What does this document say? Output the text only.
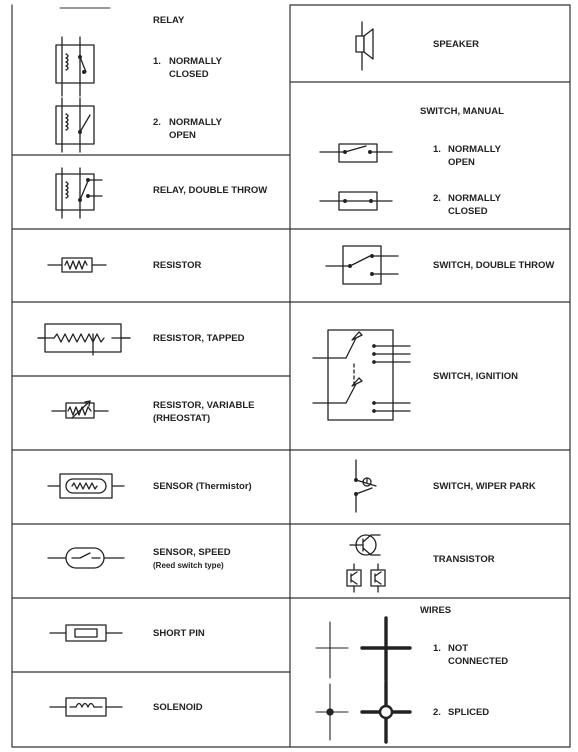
RELAY
1. NORMALLY
CLOSED
2. NORMALLY
OPEN
RELAY, DOUBLE THROW
RESISTOR
RESISTOR, TAPPED
RESISTOR, VARIABLE
(RHEOSTAT)
SENSOR (Thermistor)
SENSOR, SPEED
(Reed switch type)
SHORT PIN
SOLENOID
SPEAKER
SWITCH, MANUAL
1. NORMALLY
OPEN
2. NORMALLY
CLOSED
SWITCH, DOUBLE THROW
SWITCH, IGNITION
SWITCH, WIPER PARK
TRANSISTOR
WIRES
1. NOT
CONNECTED
2. SPLICED
